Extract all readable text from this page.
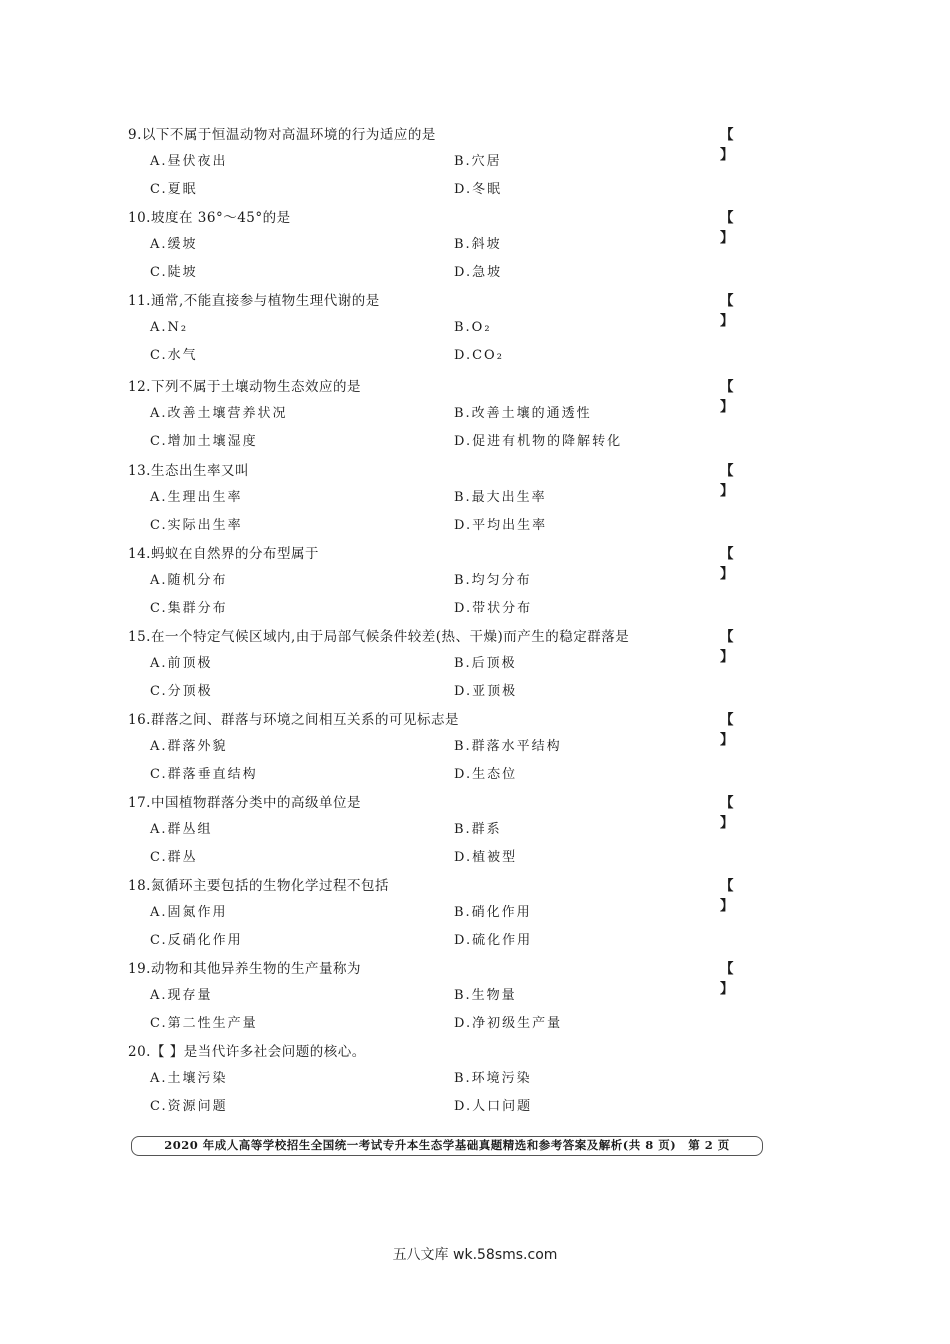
9.以下不属于恒温动物对高温环境的行为适应的是	【 】
A.昼伏夜出	B.穴居
C.夏眠	D.冬眠
10.坡度在 36°～45°的是	【 】
A.缓坡	B.斜坡
C.陡坡	D.急坡
11.通常,不能直接参与植物生理代谢的是	【 】
A.N₂	B.O₂
C.水气	D.CO₂
12.下列不属于土壤动物生态效应的是	【 】
A.改善土壤营养状况	B.改善土壤的通透性
C.增加土壤湿度	D.促进有机物的降解转化
13.生态出生率又叫	【 】
A.生理出生率	B.最大出生率
C.实际出生率	D.平均出生率
14.蚂蚁在自然界的分布型属于	【 】
A.随机分布	B.均匀分布
C.集群分布	D.带状分布
15.在一个特定气候区域内,由于局部气候条件较差(热、干燥)而产生的稳定群落是	【 】
A.前顶极	B.后顶极
C.分顶极	D.亚顶极
16.群落之间、群落与环境之间相互关系的可见标志是	【 】
A.群落外貌	B.群落水平结构
C.群落垂直结构	D.生态位
17.中国植物群落分类中的高级单位是	【 】
A.群丛组	B.群系
C.群丛	D.植被型
18.氮循环主要包括的生物化学过程不包括	【 】
A.固氮作用	B.硝化作用
C.反硝化作用	D.硫化作用
19.动物和其他异养生物的生产量称为	【 】
A.现存量	B.生物量
C.第二性生产量	D.净初级生产量
20.【 】是当代许多社会问题的核心。
A.土壤污染	B.环境污染
C.资源问题	D.人口问题
2020 年成人高等学校招生全国统一考试专升本生态学基础真题精选和参考答案及解析(共 8 页)　第 2 页
五八文库 wk.58sms.com
